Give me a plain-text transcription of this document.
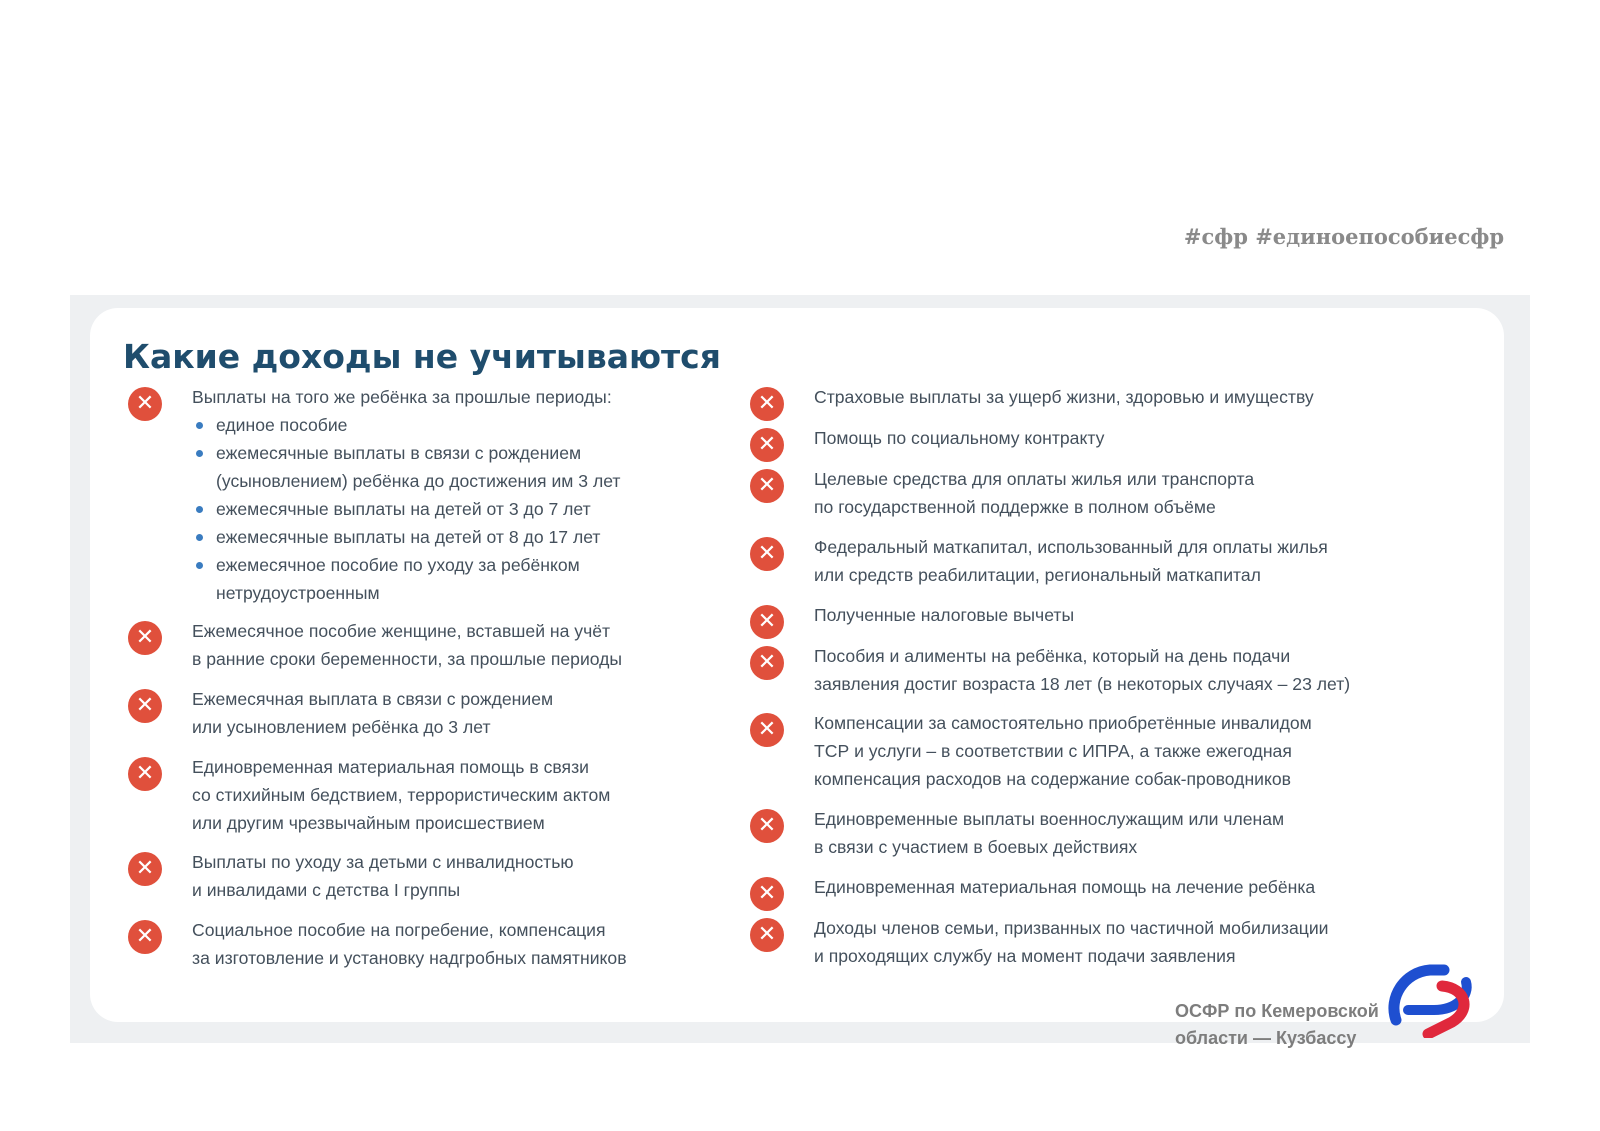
#сфр #единоепособиесфр
Какие доходы не учитываются
✕	Выплаты на того же ребёнка за прошлые периоды:
единое пособие
ежемесячные выплаты в связи с рождением
(усыновлением) ребёнка до достижения им 3 лет
ежемесячные выплаты на детей от 3 до 7 лет
ежемесячные выплаты на детей от 8 до 17 лет
ежемесячное пособие по уходу за ребёнком
нетрудоустроенным
✕	Ежемесячное пособие женщине, вставшей на учёт
в ранние сроки беременности, за прошлые периоды
✕	Ежемесячная выплата в связи с рождением
или усыновлением ребёнка до 3 лет
✕	Единовременная материальная помощь в связи
со стихийным бедствием, террористическим актом
или другим чрезвычайным происшествием
✕	Выплаты по уходу за детьми с инвалидностью
и инвалидами с детства I группы
✕	Социальное пособие на погребение, компенсация
за изготовление и установку надгробных памятников
✕	Страховые выплаты за ущерб жизни, здоровью и имуществу
✕	Помощь по социальному контракту
✕	Целевые средства для оплаты жилья или транспорта
по государственной поддержке в полном объёме
✕	Федеральный маткапитал, использованный для оплаты жилья
или средств реабилитации, региональный маткапитал
✕	Полученные налоговые вычеты
✕	Пособия и алименты на ребёнка, который на день подачи
заявления достиг возраста 18 лет (в некоторых случаях – 23 лет)
✕	Компенсации за самостоятельно приобретённые инвалидом
ТСР и услуги – в соответствии с ИПРА, а также ежегодная
компенсация расходов на содержание собак-проводников
✕	Единовременные выплаты военнослужащим или членам
в связи с участием в боевых действиях
✕	Единовременная материальная помощь на лечение ребёнка
✕	Доходы членов семьи, призванных по частичной мобилизации
и проходящих службу на момент подачи заявления
ОСФР по Кемеровской
области — Кузбассу
